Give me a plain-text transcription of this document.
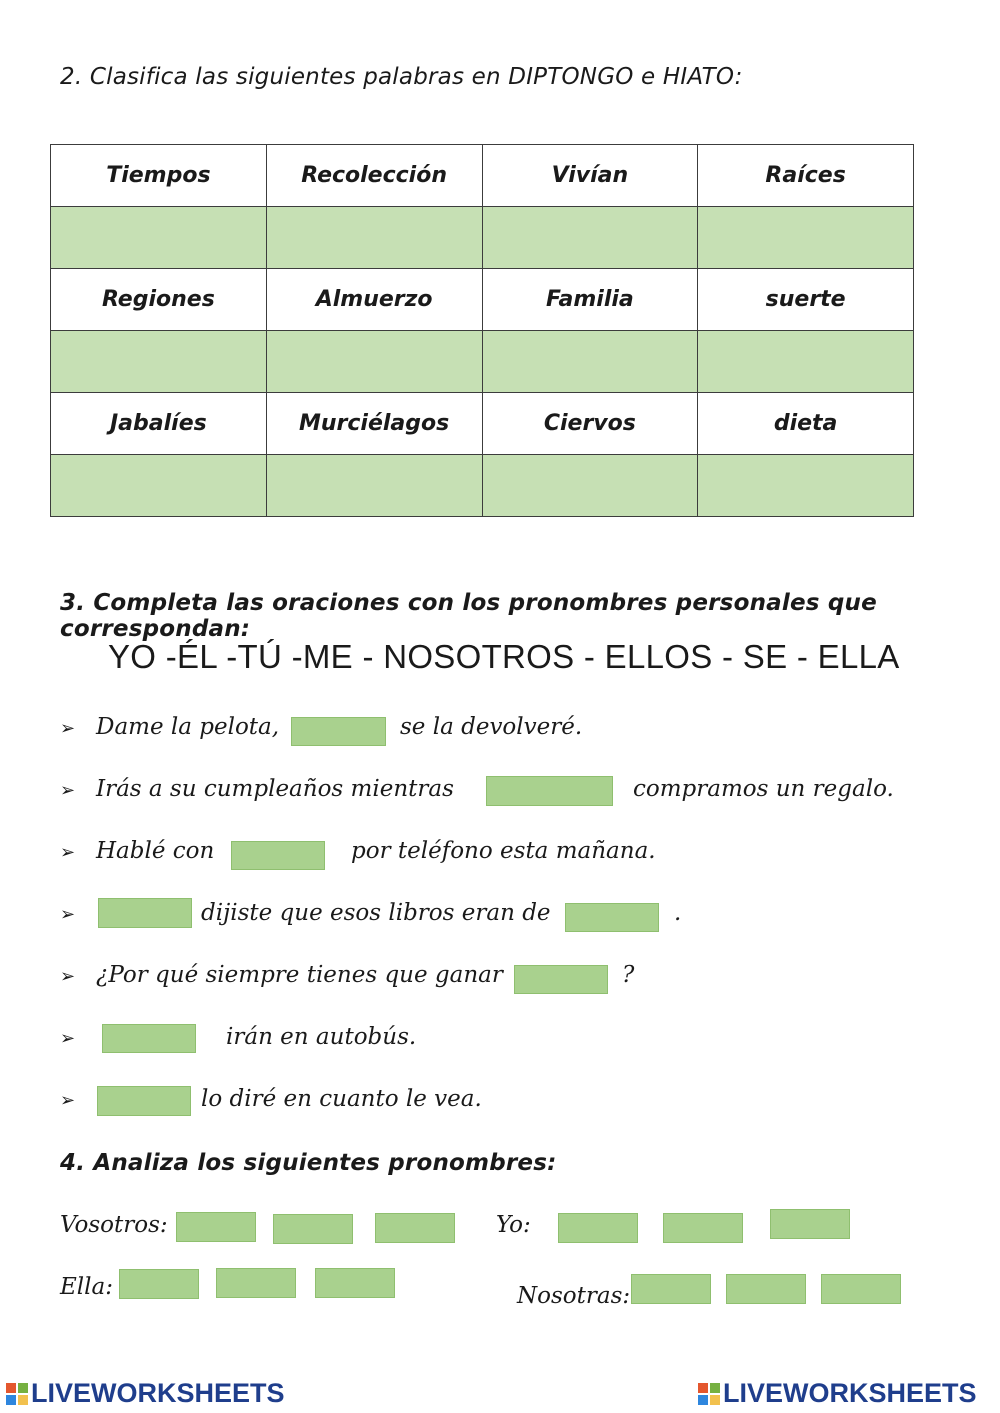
2. Clasifica las siguientes palabras en DIPTONGO e HIATO:
Tiempos	Recolección	Vivían	Raíces

Regiones	Almuerzo	Familia	suerte

Jabalíes	Murciélagos	Ciervos	dieta

3. Completa las oraciones con los pronombres personales que correspondan:
YO -ÉL -TÚ -ME - NOSOTROS - ELLOS - SE - ELLA
➢ Dame la pelota,	se la devolveré.
➢ Irás a su cumpleaños mientras	compramos un regalo.
➢ Hablé con	por teléfono esta mañana.
➢	dijiste que esos libros eran de	.
➢ ¿Por qué siempre tienes que ganar	?
➢	irán en autobús.
➢	lo diré en cuanto le vea.
4. Analiza los siguientes pronombres:
Vosotros:	Yo:
Ella:	Nosotras:
LIVEWORKSHEETS	LIVEWORKSHEETS
